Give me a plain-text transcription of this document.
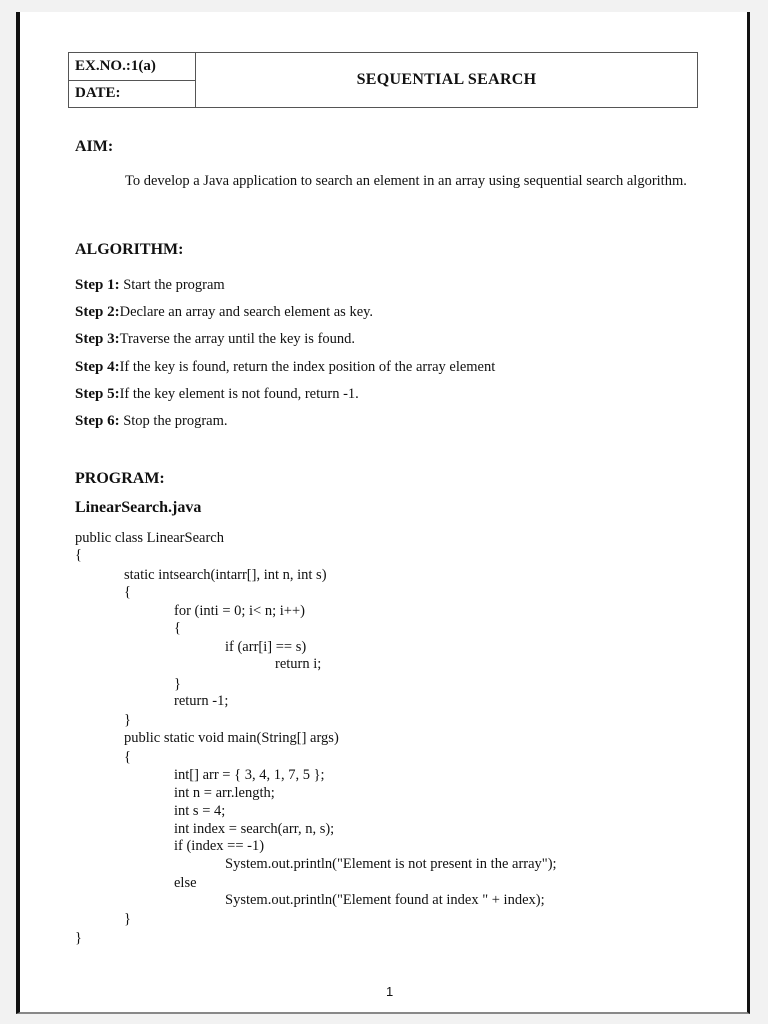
EX.NO.:1(a)
DATE:
SEQUENTIAL SEARCH
AIM:
To develop a Java application to search an element in an array using sequential search algorithm.
ALGORITHM:
Step 1: Start the program
Step 2:Declare an array and search element as key.
Step 3:Traverse the array until the key is found.
Step 4:If the key is found, return the index position of the array element
Step 5:If the key element is not found, return -1.
Step 6: Stop the program.
PROGRAM:
LinearSearch.java
public class LinearSearch
{
static intsearch(intarr[], int n, int s)
{
for (inti = 0; i< n; i++)
{
if (arr[i] == s)
return i;
}
return -1;
}
public static void main(String[] args)
{
int[] arr = { 3, 4, 1, 7, 5 };
int n = arr.length;
int s = 4;
int index = search(arr, n, s);
if (index == -1)
System.out.println("Element is not present in the array");
else
System.out.println("Element found at index " + index);
}
}
1
